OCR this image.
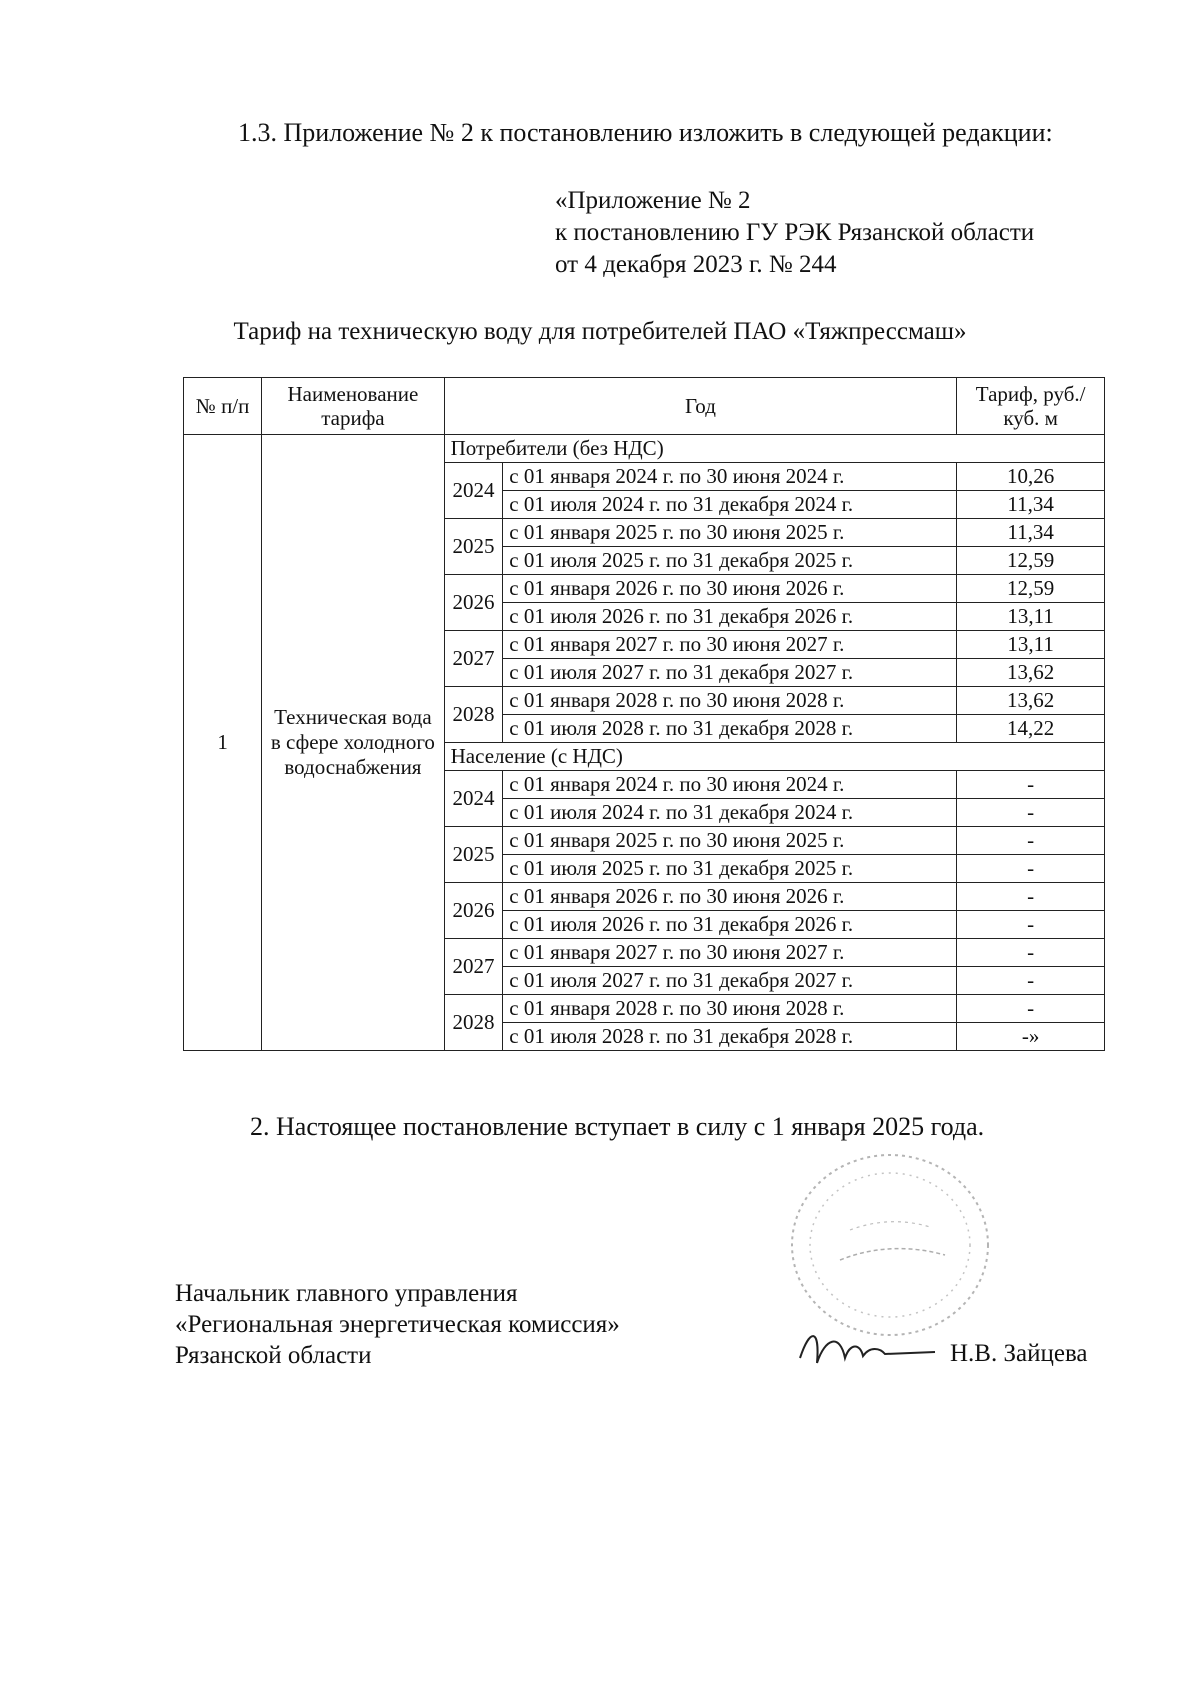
1.3. Приложение № 2 к постановлению изложить в следующей редакции:
«Приложение № 2
к постановлению ГУ РЭК Рязанской области
от 4 декабря 2023 г. № 244
Тариф на техническую воду для потребителей ПАО «Тяжпрессмаш»
№ п/п	Наименование тарифа	Год		Тариф, руб./куб. м
1	Техническая вода в сфере холодного водоснабжения	Потребители (без НДС)		
		2024	с 01 января 2024 г. по 30 июня 2024 г.	10,26
			с 01 июля 2024 г. по 31 декабря 2024 г.	11,34
		2025	с 01 января 2025 г. по 30 июня 2025 г.	11,34
			с 01 июля 2025 г. по 31 декабря 2025 г.	12,59
		2026	с 01 января 2026 г. по 30 июня 2026 г.	12,59
			с 01 июля 2026 г. по 31 декабря 2026 г.	13,11
		2027	с 01 января 2027 г. по 30 июня 2027 г.	13,11
			с 01 июля 2027 г. по 31 декабря 2027 г.	13,62
		2028	с 01 января 2028 г. по 30 июня 2028 г.	13,62
			с 01 июля 2028 г. по 31 декабря 2028 г.	14,22
		Население (с НДС)		
		2024	с 01 января 2024 г. по 30 июня 2024 г.	-
			с 01 июля 2024 г. по 31 декабря 2024 г.	-
		2025	с 01 января 2025 г. по 30 июня 2025 г.	-
			с 01 июля 2025 г. по 31 декабря 2025 г.	-
		2026	с 01 января 2026 г. по 30 июня 2026 г.	-
			с 01 июля 2026 г. по 31 декабря 2026 г.	-
		2027	с 01 января 2027 г. по 30 июня 2027 г.	-
			с 01 июля 2027 г. по 31 декабря 2027 г.	-
		2028	с 01 января 2028 г. по 30 июня 2028 г.	-
			с 01 июля 2028 г. по 31 декабря 2028 г.	-»
2. Настоящее постановление вступает в силу с 1 января 2025 года.
Начальник главного управления
«Региональная энергетическая комиссия»
Рязанской области	Н.В. Зайцева
